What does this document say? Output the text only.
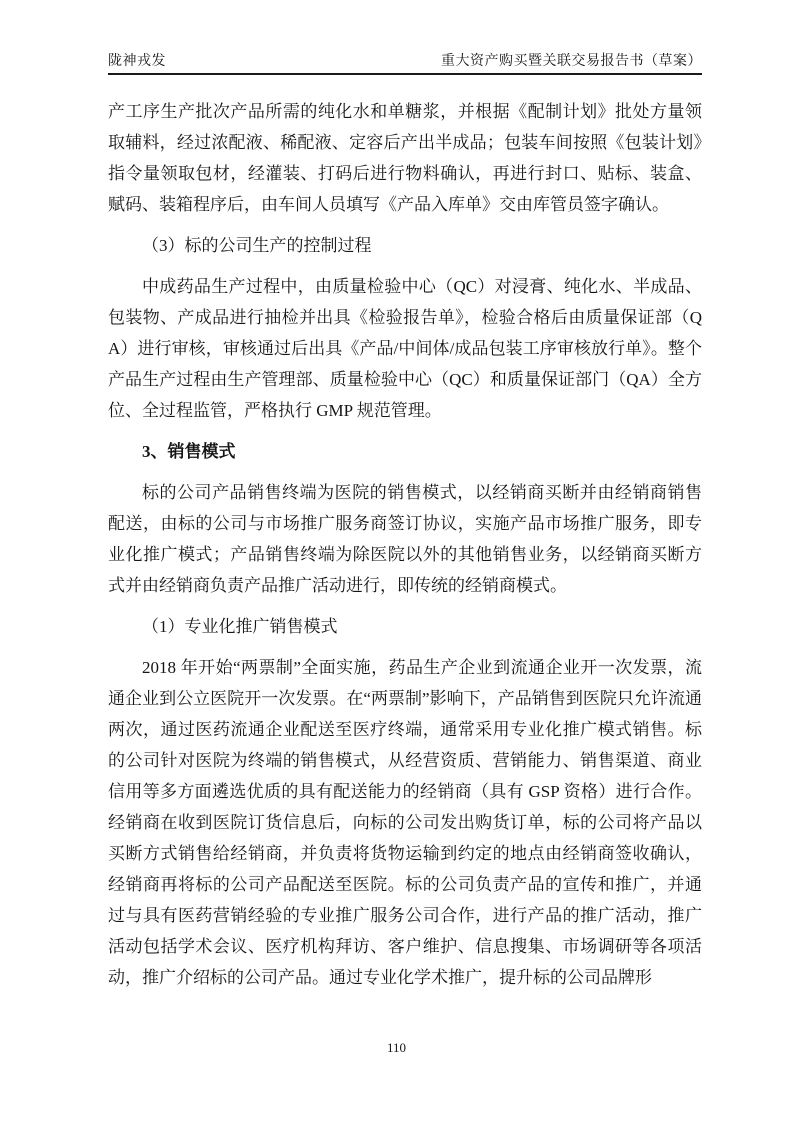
陇神戎发	重大资产购买暨关联交易报告书（草案）

产工序生产批次产品所需的纯化水和单糖浆，并根据《配制计划》批处方量领取辅料，经过浓配液、稀配液、定容后产出半成品；包装车间按照《包装计划》指令量领取包材，经灌装、打码后进行物料确认，再进行封口、贴标、装盒、赋码、装箱程序后，由车间人员填写《产品入库单》交由库管员签字确认。

（3）标的公司生产的控制过程

中成药品生产过程中，由质量检验中心（QC）对浸膏、纯化水、半成品、包装物、产成品进行抽检并出具《检验报告单》，检验合格后由质量保证部（QA）进行审核，审核通过后出具《产品/中间体/成品包装工序审核放行单》。整个产品生产过程由生产管理部、质量检验中心（QC）和质量保证部门（QA）全方位、全过程监管，严格执行 GMP 规范管理。

3、销售模式

标的公司产品销售终端为医院的销售模式，以经销商买断并由经销商销售配送，由标的公司与市场推广服务商签订协议，实施产品市场推广服务，即专业化推广模式；产品销售终端为除医院以外的其他销售业务，以经销商买断方式并由经销商负责产品推广活动进行，即传统的经销商模式。

（1）专业化推广销售模式

2018 年开始“两票制”全面实施，药品生产企业到流通企业开一次发票，流通企业到公立医院开一次发票。在“两票制”影响下，产品销售到医院只允许流通两次，通过医药流通企业配送至医疗终端，通常采用专业化推广模式销售。标的公司针对医院为终端的销售模式，从经营资质、营销能力、销售渠道、商业信用等多方面遴选优质的具有配送能力的经销商（具有 GSP 资格）进行合作。经销商在收到医院订货信息后，向标的公司发出购货订单，标的公司将产品以买断方式销售给经销商，并负责将货物运输到约定的地点由经销商签收确认，经销商再将标的公司产品配送至医院。标的公司负责产品的宣传和推广，并通过与具有医药营销经验的专业推广服务公司合作，进行产品的推广活动，推广活动包括学术会议、医疗机构拜访、客户维护、信息搜集、市场调研等各项活动，推广介绍标的公司产品。通过专业化学术推广，提升标的公司品牌形

110
